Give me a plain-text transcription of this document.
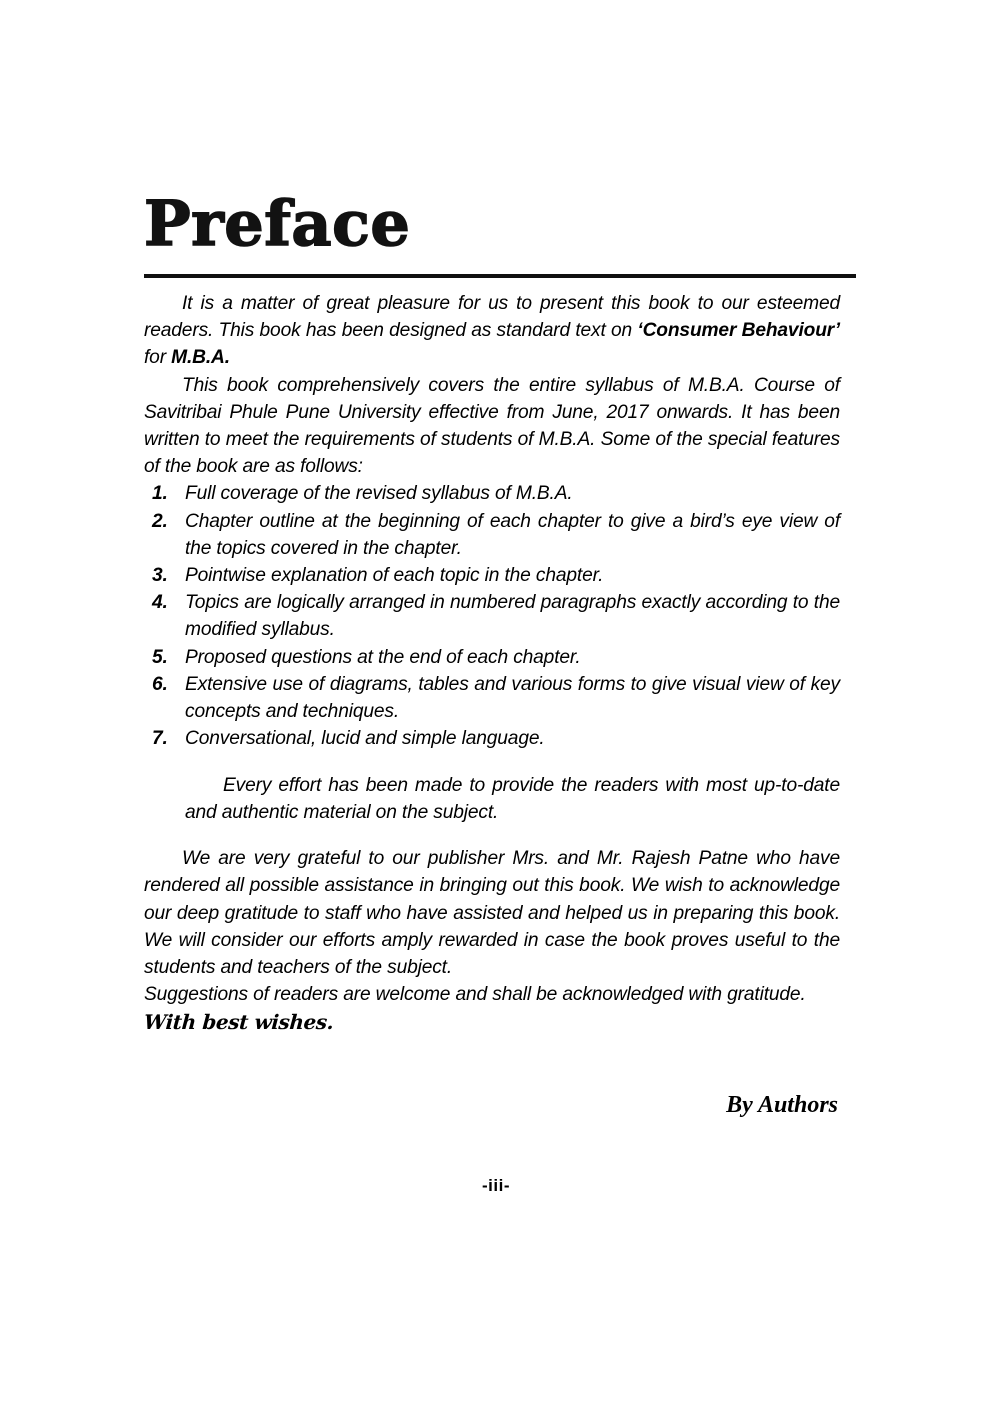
Preface

It is a matter of great pleasure for us to present this book to our esteemed readers. This book has been designed as standard text on ‘Consumer Behaviour’ for M.B.A.

This book comprehensively covers the entire syllabus of M.B.A. Course of Savitribai Phule Pune University effective from June, 2017 onwards. It has been written to meet the requirements of students of M.B.A. Some of the special features of the book are as follows:

1. Full coverage of the revised syllabus of M.B.A.
2. Chapter outline at the beginning of each chapter to give a bird’s eye view of the topics covered in the chapter.
3. Pointwise explanation of each topic in the chapter.
4. Topics are logically arranged in numbered paragraphs exactly according to the modified syllabus.
5. Proposed questions at the end of each chapter.
6. Extensive use of diagrams, tables and various forms to give visual view of key concepts and techniques.
7. Conversational, lucid and simple language.

Every effort has been made to provide the readers with most up-to-date and authentic material on the subject.

We are very grateful to our publisher Mrs. and Mr. Rajesh Patne who have rendered all possible assistance in bringing out this book. We wish to acknowledge our deep gratitude to staff who have assisted and helped us in preparing this book. We will consider our efforts amply rewarded in case the book proves useful to the students and teachers of the subject.

Suggestions of readers are welcome and shall be acknowledged with gratitude.

With best wishes.

By Authors
-iii-
